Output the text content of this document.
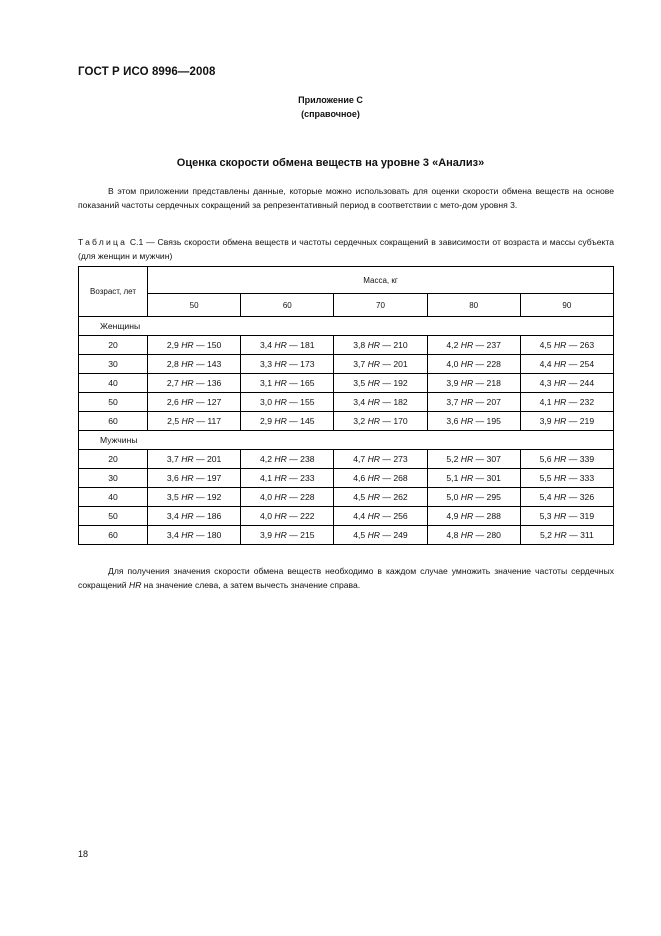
ГОСТ Р ИСО 8996—2008
Приложение С
(справочное)
Оценка скорости обмена веществ на уровне 3 «Анализ»

В этом приложении представлены данные, которые можно использовать для оценки скорости обмена веществ на основе показаний частоты сердечных сокращений за репрезентативный период в соответствии с мето-дом уровня 3.

Таблица С.1 — Связь скорости обмена веществ и частоты сердечных сокращений в зависимости от возраста и массы субъекта (для женщин и мужчин)
Возраст, лет	Масса, кг				
	50	60	70	80	90
Женщины					
20	2,9 HR — 150	3,4 HR — 181	3,8 HR — 210	4,2 HR — 237	4,5 HR — 263
30	2,8 HR — 143	3,3 HR — 173	3,7 HR — 201	4,0 HR — 228	4,4 HR — 254
40	2,7 HR — 136	3,1 HR — 165	3,5 HR — 192	3,9 HR — 218	4,3 HR — 244
50	2,6 HR — 127	3,0 HR — 155	3,4 HR — 182	3,7 HR — 207	4,1 HR — 232
60	2,5 HR — 117	2,9 HR — 145	3,2 HR — 170	3,6 HR — 195	3,9 HR — 219
Мужчины					
20	3,7 HR — 201	4,2 HR — 238	4,7 HR — 273	5,2 HR — 307	5,6 HR — 339
30	3,6 HR — 197	4,1 HR — 233	4,6 HR — 268	5,1 HR — 301	5,5 HR — 333
40	3,5 HR — 192	4,0 HR — 228	4,5 HR — 262	5,0 HR — 295	5,4 HR — 326
50	3,4 HR — 186	4,0 HR — 222	4,4 HR — 256	4,9 HR — 288	5,3 HR — 319
60	3,4 HR — 180	3,9 HR — 215	4,5 HR — 249	4,8 HR — 280	5,2 HR — 311

Для получения значения скорости обмена веществ необходимо в каждом случае умножить значение частоты сердечных сокращений HR на значение слева, а затем вычесть значение справа.

18
